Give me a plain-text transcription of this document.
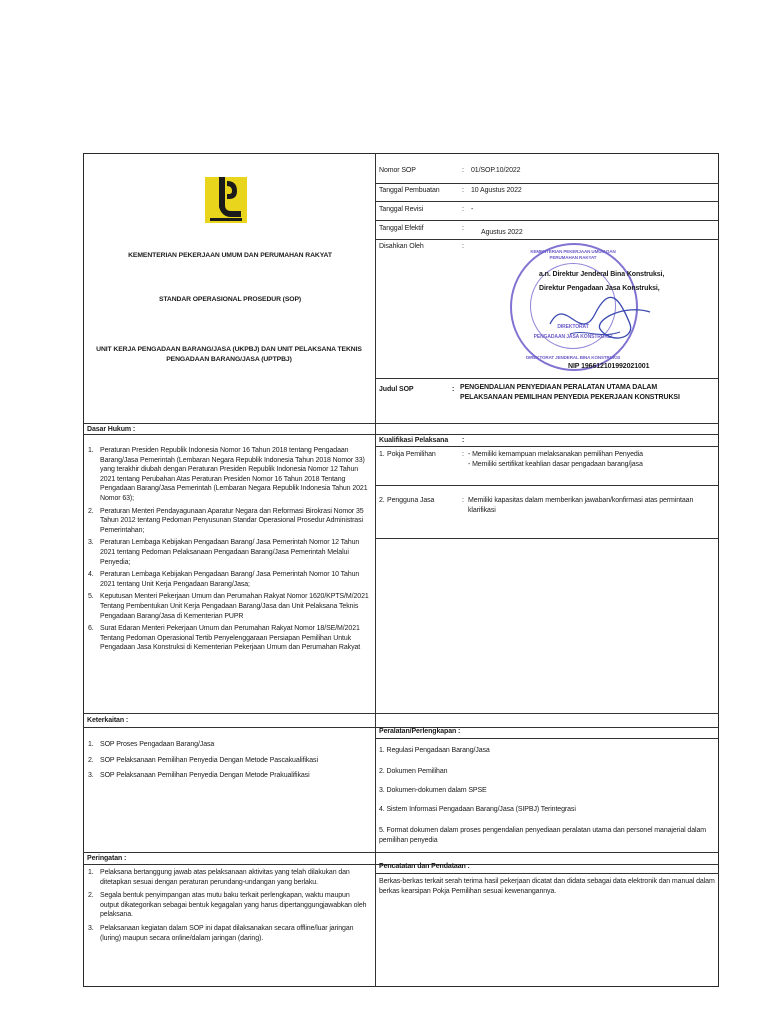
KEMENTERIAN PEKERJAAN UMUM DAN PERUMAHAN RAKYAT
STANDAR OPERASIONAL PROSEDUR (SOP)
UNIT KERJA PENGADAAN BARANG/JASA (UKPBJ) DAN UNIT PELAKSANA TEKNIS PENGADAAN BARANG/JASA (UPTPBJ)
Nomor SOP	: 01/SOP.10/2022
Tanggal Pembuatan	: 10 Agustus 2022
Tanggal Revisi	: -
Tanggal Efektif	:
Agustus 2022
Disahkan Oleh	:
KEMENTERIAN PEKERJAAN UMUM DAN PERUMAHAN RAKYAT
DIREKTORAT
PENGADAAN JASA KONSTRUKSI
DIREKTORAT JENDERAL BINA KONSTRUKSI
a.n. Direktur Jenderal Bina Konstruksi,
Direktur Pengadaan Jasa Konstruksi,
NIP 196612101992021001
Judul SOP	: PENGENDALIAN PENYEDIAAN PERALATAN UTAMA DALAM PELAKSANAAN PEMILIHAN PENYEDIA PEKERJAAN KONSTRUKSI
Dasar Hukum :
Kualifikasi Pelaksana :
1. Peraturan Presiden Republik Indonesia Nomor 16 Tahun 2018 tentang Pengadaan Barang/Jasa Pemerintah (Lembaran Negara Republik Indonesia Tahun 2018 Nomor 33) yang terakhir diubah dengan Peraturan Presiden Republik Indonesia Nomor 12 Tahun 2021 tentang Perubahan Atas Peraturan Presiden Nomor 16 Tahun 2018 Tentang Pengadaan Barang/Jasa Pemerintah (Lembaran Negara Republik Indonesia Tahun 2021 Nomor 63);
2. Peraturan Menteri Pendayagunaan Aparatur Negara dan Reformasi Birokrasi Nomor 35 Tahun 2012 tentang Pedoman Penyusunan Standar Operasional Prosedur Administrasi Pemerintahan;
3. Peraturan Lembaga Kebijakan Pengadaan Barang/ Jasa Pemerintah Nomor 12 Tahun 2021 tentang Pedoman Pelaksanaan Pengadaan Barang/Jasa Pemerintah Melalui Penyedia;
4. Peraturan Lembaga Kebijakan Pengadaan Barang/ Jasa Pemerintah Nomor 10 Tahun 2021 tentang Unit Kerja Pengadaan Barang/Jasa;
5. Keputusan Menteri Pekerjaan Umum dan Perumahan Rakyat Nomor 1620/KPTS/M/2021 Tentang Pembentukan Unit Kerja Pengadaan Barang/Jasa dan Unit Pelaksana Teknis Pengadaan Barang/Jasa di Kementerian PUPR
6. Surat Edaran Menteri Pekerjaan Umum dan Perumahan Rakyat Nomor 18/SE/M/2021 Tentang Pedoman Operasional Tertib Penyelenggaraan Persiapan Pemilihan Untuk Pengadaan Jasa Konstruksi di Kementerian Pekerjaan Umum dan Perumahan Rakyat
1. Pokja Pemilihan	: - Memiliki kemampuan melaksanakan pemilihan Penyedia
- Memiliki sertifikat keahlian dasar pengadaan barang/jasa
2. Pengguna Jasa	: Memiliki kapasitas dalam memberikan jawaban/konfirmasi atas permintaan klarifikasi
Keterkaitan :
Peralatan/Perlengkapan :
1. SOP Proses Pengadaan Barang/Jasa
2. SOP Pelaksanaan Pemilihan Penyedia Dengan Metode Pascakualifikasi
3. SOP Pelaksanaan Pemilihan Penyedia Dengan Metode Prakualifikasi
1. Regulasi Pengadaan Barang/Jasa
2. Dokumen Pemilihan
3. Dokumen-dokumen dalam SPSE
4. Sistem Informasi Pengadaan Barang/Jasa (SIPBJ) Terintegrasi
5. Format dokumen dalam proses pengendalian penyediaan peralatan utama dan personel manajerial dalam pemilihan penyedia
Peringatan :
Pencatatan dan Pendataan :
1. Pelaksana bertanggung jawab atas pelaksanaan aktivitas yang telah dilakukan dan ditetapkan sesuai dengan peraturan perundang-undangan yang berlaku.
2. Segala bentuk penyimpangan atas mutu baku terkait perlengkapan, waktu maupun output dikategorikan sebagai bentuk kegagalan yang harus dipertanggungjawabkan oleh pelaksana.
3. Pelaksanaan kegiatan dalam SOP ini dapat dilaksanakan secara offline/luar jaringan (luring) maupun secara online/dalam jaringan (daring).
Berkas-berkas terkait serah terima hasil pekerjaan dicatat dan didata sebagai data elektronik dan manual dalam berkas kearsipan Pokja Pemilihan sesuai kewenangannya.
